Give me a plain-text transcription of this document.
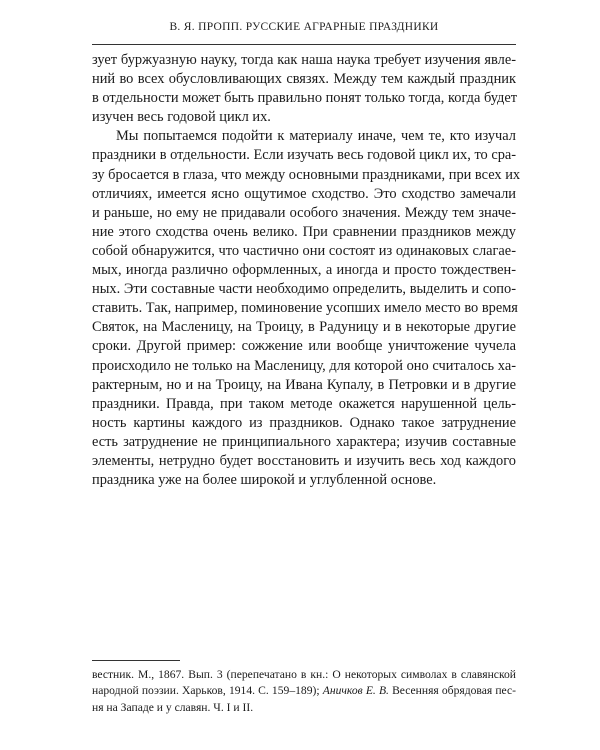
В. Я. ПРОПП. РУССКИЕ АГРАРНЫЕ ПРАЗДНИКИ

зует буржуазную науку, тогда как наша наука требует изучения явле-
ний во всех обусловливающих связях. Между тем каждый праздник
в отдельности может быть правильно понят только тогда, когда будет
изучен весь годовой цикл их.

Мы попытаемся подойти к материалу иначе, чем те, кто изучал
праздники в отдельности. Если изучать весь годовой цикл их, то сра-
зу бросается в глаза, что между основными праздниками, при всех их
отличиях, имеется ясно ощутимое сходство. Это сходство замечали
и раньше, но ему не придавали особого значения. Между тем значе-
ние этого сходства очень велико. При сравнении праздников между
собой обнаружится, что частично они состоят из одинаковых слагае-
мых, иногда различно оформленных, а иногда и просто тождествен-
ных. Эти составные части необходимо определить, выделить и сопо-
ставить. Так, например, поминовение усопших имело место во время
Святок, на Масленицу, на Троицу, в Радуницу и в некоторые другие
сроки. Другой пример: сожжение или вообще уничтожение чучела
происходило не только на Масленицу, для которой оно считалось ха-
рактерным, но и на Троицу, на Ивана Купалу, в Петровки и в другие
праздники. Правда, при таком методе окажется нарушенной цель-
ность картины каждого из праздников. Однако такое затруднение
есть затруднение не принципиального характера; изучив составные
элементы, нетрудно будет восстановить и изучить весь ход каждого
праздника уже на более широкой и углубленной основе.

вестник. М., 1867. Вып. 3 (перепечатано в кн.: О некоторых символах в славянской
народной поэзии. Харьков, 1914. С. 159–189); Аничков Е. В. Весенняя обрядовая пес-
ня на Западе и у славян. Ч. I и II.
